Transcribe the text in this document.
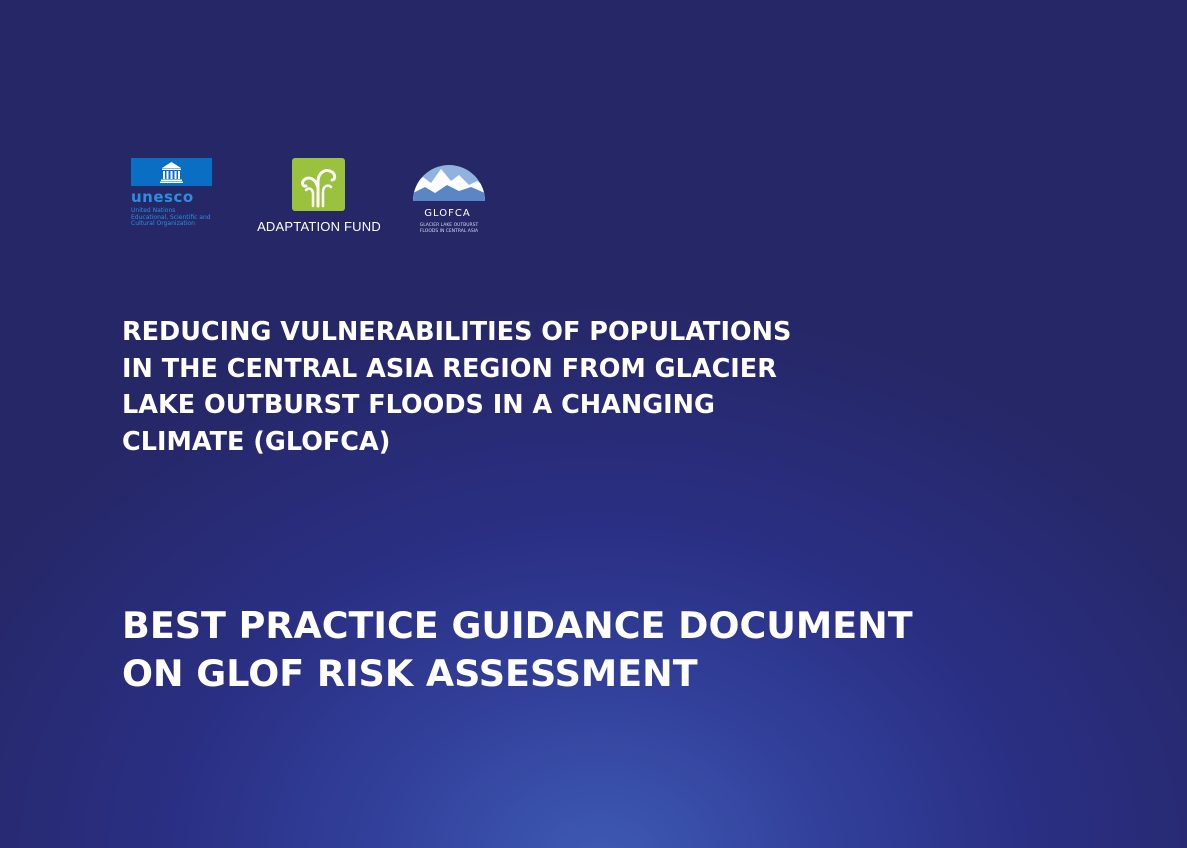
unesco
United Nations
Educational, Scientific and
Cultural Organization	ADAPTATION FUND
GLOFCA
GLACIER LAKE OUTBURST
FLOODS IN CENTRAL ASIA
REDUCING VULNERABILITIES OF POPULATIONS
IN THE CENTRAL ASIA REGION FROM GLACIER
LAKE OUTBURST FLOODS IN A CHANGING
CLIMATE (GLOFCA)
BEST PRACTICE GUIDANCE DOCUMENT
ON GLOF RISK ASSESSMENT
